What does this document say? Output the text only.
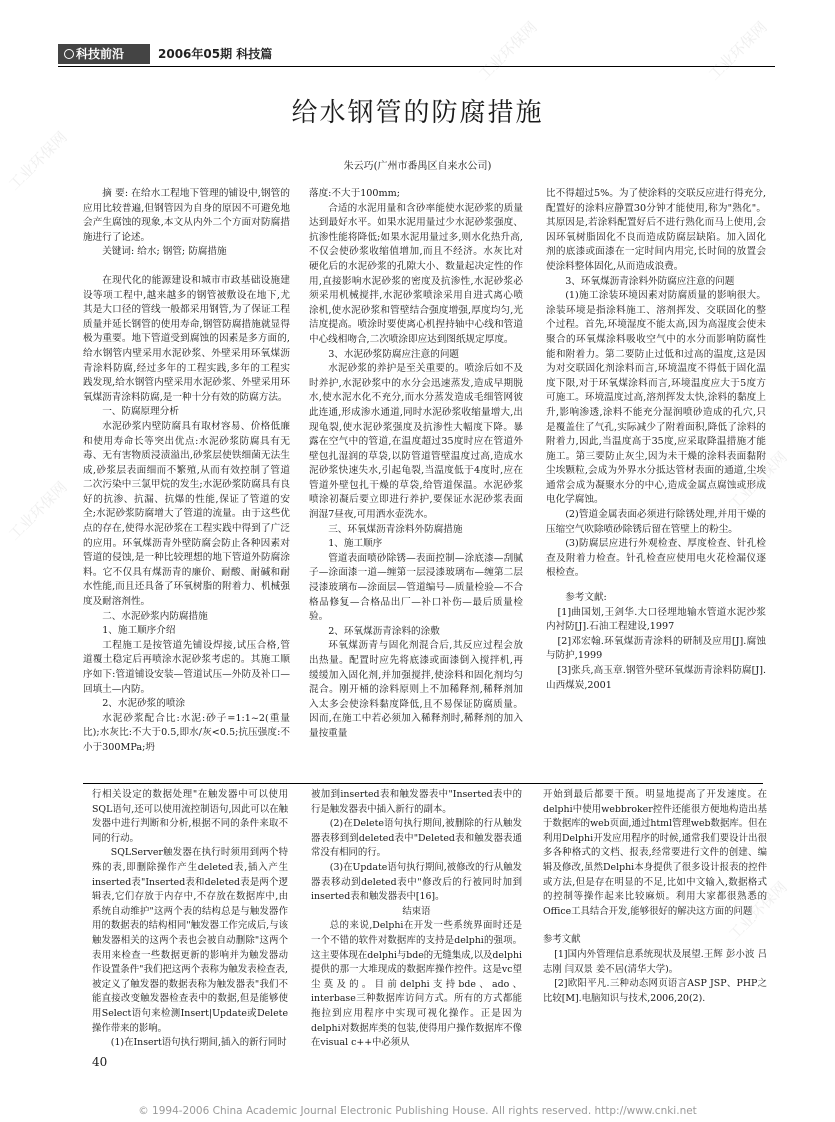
科技前沿	2006年05期 科技篇
给水钢管的防腐措施
朱云巧(广州市番禺区自来水公司)

摘 要: 在给水工程地下管理的铺设中,钢管的应用比较普遍,但钢管因为自身的原因不可避免地会产生腐蚀的现象,本文从内外二个方面对防腐措施进行了论述。

关键词: 给水; 钢管; 防腐措施

在现代化的能源建设和城市市政基础设施建设等项工程中,越来越多的钢管被敷设在地下,尤其是大口径的管线一般都采用钢管,为了保证工程质量并延长钢管的使用寿命,钢管防腐措施就显得极为重要。地下管道受到腐蚀的因素是多方面的,给水钢管内壁采用水泥砂浆、外壁采用环氧煤沥青涂料防腐,经过多年的工程实践,多年的工程实践发现,给水钢管内壁采用水泥砂浆、外壁采用环氧煤沥青涂料防腐,是一种十分有效的防腐方法。

一、防腐原理分析

水泥砂浆内壁防腐具有取材容易、价格低廉和使用寿命长等突出优点:水泥砂浆防腐具有无毒、无有害物质浸渍溢出,砂浆层使铁细菌无法生成,砂浆层表面细而不繁殖,从而有效控制了管道二次污染中三氯甲烷的发生;水泥砂浆防腐具有良好的抗渗、抗漏、抗爆的性能,保证了管道的安全;水泥砂浆防腐增大了管道的流量。由于这些优点的存在,使得水泥砂浆在工程实践中得到了广泛的应用。环氧煤沥青外壁防腐会防止各种因素对管道的侵蚀,是一种比较理想的地下管道外防腐涂料。它不仅具有煤沥青的廉价、耐酸、耐碱和耐水性能,而且还具备了环氧树脂的附着力、机械强度及耐溶剂性。

二、水泥砂浆内防腐措施

1、施工顺序介绍

工程施工是按管道先铺设焊接,试压合格,管道覆土稳定后再喷涂水泥砂浆考虑的。其施工顺序如下:管道铺设安装—管道试压—外防及补口—回填土—内防。

2、水泥砂浆的喷涂

水泥砂浆配合比:水泥:砂子=1:1~2(重量比);水灰比:不大于0.5,即水/灰<0.5;抗压强度:不小于300MPa;坍

落度:不大于100mm;

合适的水泥用量和含砂率能使水泥砂浆的质量达到最好水平。如果水泥用量过少水泥砂浆强度、抗渗性能将降低;如果水泥用量过多,则水化热升高,不仅会使砂浆收缩值增加,而且不经济。水灰比对硬化后的水泥砂浆的孔隙大小、数量起决定性的作用,直接影响水泥砂浆的密度及抗渗性,水泥砂浆必须采用机械搅拌,水泥砂浆喷涂采用自进式离心喷涂机,使水泥砂浆和管壁结合强度增强,厚度均匀,光洁度提高。喷涂时要使离心机捏持轴中心线和管道中心线相吻合,二次喷涂即应达到图纸规定厚度。

3、水泥砂浆防腐应注意的问题

水泥砂浆的养护是至关重要的。喷涂后如不及时养护,水泥砂浆中的水分会迅速蒸发,造成早期脱水,使水泥水化不充分,而水分蒸发造成毛细管网彼此连通,形成渗水通道,同时水泥砂浆收缩量增大,出现龟裂,使水泥砂浆强度及抗渗性大幅度下降。暴露在空气中的管道,在温度超过35度时应在管道外壁包扎湿润的草袋,以防管道管壁温度过高,造成水泥砂浆快速失水,引起龟裂,当温度低于4度时,应在管道外壁包扎干燥的草袋,给管道保温。水泥砂浆喷涂初凝后要立即进行养护,要保证水泥砂浆表面润湿7昼夜,可用洒水壶洗水。

三、环氧煤沥青涂料外防腐措施

1、施工顺序

管道表面喷砂除锈—表面控制—涂底漆—刮腻子—涂面漆一道—缠第一层浸漆玻璃布—缠第二层浸漆玻璃布—涂面层—管道编号—质量检验—不合格品修复—合格品出厂—补口补伤—最后质量检验。

2、环氧煤沥青涂料的涂敷

环氧煤沥青与固化剂混合后,其反应过程会放出热量。配置时应先将底漆或面漆倒入搅拌机,再缓缓加入固化剂,并加强搅拌,使涂料和固化剂均匀混合。刚开桶的涂料原则上不加稀释剂,稀释剂加入太多会使涂料黏度降低,且不易保证防腐质量。因而,在施工中若必须加入稀释剂时,稀释剂的加入量按重量

比不得超过5%。为了使涂料的交联反应进行得充分,配置好的涂料应静置30分钟才能使用,称为"熟化"。其原因是,若涂料配置好后不进行熟化而马上使用,会因环氧树脂固化不良而造成防腐层缺陷。加入固化剂的底漆或面漆在一定时间内用完,长时间的放置会使涂料整体固化,从而造成浪费。

3、环氧煤沥青涂料外防腐应注意的问题

(1)施工涂装环境因素对防腐质量的影响很大。涂装环境是指涂料施工、溶剂挥发、交联固化的整个过程。首先,环境湿度不能太高,因为高湿度会使未聚合的环氧煤涂料吸收空气中的水分而影响防腐性能和附着力。第二要防止过低和过高的温度,这是因为对交联固化剂涂料而言,环境温度不得低于固化温度下限,对于环氧煤涂料而言,环境温度应大于5度方可施工。环境温度过高,溶剂挥发太快,涂料的黏度上升,影响渗透,涂料不能充分湿润喷砂造成的孔穴,只是覆盖住了气孔,实际减少了附着面积,降低了涂料的附着力,因此,当温度高于35度,应采取降温措施才能施工。第三要防止灰尘,因为未干燥的涂料表面黏附尘埃颗粒,会成为外界水分抵达管材表面的通道,尘埃通常会成为凝聚水分的中心,造成金属点腐蚀或形成电化学腐蚀。

(2)管道金属表面必须进行除锈处理,并用干燥的压缩空气吹除喷砂除锈后留在管壁上的粉尘。

(3)防腐层应进行外观检查、厚度检查、针孔检查及附着力检查。针孔检查应使用电火花检漏仪逐根检查。

参考文献:

[1]曲国划,王剑华.大口径埋地输水管道水泥沙浆内衬防[J].石油工程建设,1997

[2]邓宏翰.环氧煤沥青涂料的研制及应用[J].腐蚀与防护,1999

[3]张兵,高玉章.钢管外壁环氧煤沥青涂料防腐[J].山西煤炭,2001

行相关设定的数据处理"在触发器中可以使用SQL语句,还可以使用流控制语句,因此可以在触发器中进行判断和分析,根据不同的条件来取不同的行动。

SQLServer触发器在执行时须用到两个特殊的表,即删除操作产生deleted表,插入产生inserted表"Inserted表和deleted表是两个逻辑表,它们存放于内存中,不存放在数据库中,由系统自动维护"这两个表的结构总是与触发器作用的数据表的结构相同"触发器工作完成后,与该触发器相关的这两个表也会被自动删除"这两个表用来检查一些数据更新的影响并为触发器动作设置条件"我们把这两个表称为触发表检查表,被定义了触发器的数据表称为触发器表"我们不能直接改变触发器检查表中的数据,但是能够使用Select语句来检测Insert|Update或Delete操作带来的影响。

(1)在Insert语句执行期间,插入的新行同时

被加到inserted表和触发器表中"Inserted表中的行是触发器表中插入新行的副本。

(2)在Delete语句执行期间,被删除的行从触发器表移到到deleted表中"Deleted表和触发器表通常没有相同的行。

(3)在Update语句执行期间,被修改的行从触发器表移动到deleted表中"修改后的行被同时加到inserted表和触发器表中[16]。

结束语

总的来说,Delphi在开发一些系统界面时还是一个不错的软件对数据库的支持是delphi的强项。这主要体现在delphi与bde的无缝集成,以及delphi提供的那一大堆现成的数据库操作控件。这是vc望尘莫及的。目前delphi支持bde、ado、interbase三种数据库访问方式。所有的方式都能拖拉到应用程序中实现可视化操作。正是因为delphi对数据库类的包装,使得用户操作数据库不像在visual c++中必须从

开始到最后都要干预。明显地提高了开发速度。在delphi中使用webbroker控件还能很方便地构造出基于数据库的web页面,通过html管理web数据库。但在利用Delphi开发应用程序的时候,通常我们要设计出很多各种格式的文档、报表,经常要进行文件的创建、编辑及修改,虽然Delphi本身提供了很多设计报表的控件或方法,但是存在明显的不足,比如中文输入,数据格式的控制等操作起来比较麻烦。利用大家都很熟悉的Office工具结合开发,能够很好的解决这方面的问题

参考文献

[1]国内外管理信息系统现状及展望.王辉 彭小波 吕志刚 闫双景 姜不居(清华大学)。

[2]欧阳平凡.三种动态网页语言ASP JSP、PHP之比较[M].电脑知识与技术,2006,20(2).

40
© 1994-2006 China Academic Journal Electronic Publishing House. All rights reserved. http://www.cnki.net
工业环保网	工业环保网
工业环保网
工业环保网
工业环保网
工业环保网
